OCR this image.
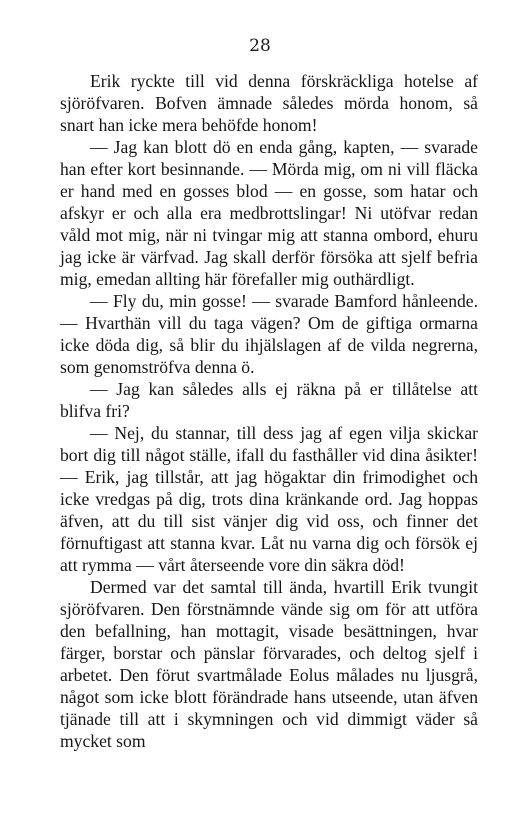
28

Erik ryckte till vid denna förskräckliga hotelse af sjöröfvaren. Bofven ämnade således mörda honom, så snart han icke mera behöfde honom!

— Jag kan blott dö en enda gång, kapten, — svarade han efter kort besinnande. — Mörda mig, om ni vill fläcka er hand med en gosses blod — en gosse, som hatar och afskyr er och alla era medbrottslingar! Ni utöfvar redan våld mot mig, när ni tvingar mig att stanna ombord, ehuru jag icke är värfvad. Jag skall derför försöka att sjelf befria mig, emedan allting här förefaller mig outhärdligt.

— Fly du, min gosse! — svarade Bamford hånleende. — Hvarthän vill du taga vägen? Om de giftiga ormarna icke döda dig, så blir du ihjälslagen af de vilda negrerna, som genomströfva denna ö.

— Jag kan således alls ej räkna på er tillåtelse att blifva fri?

— Nej, du stannar, till dess jag af egen vilja skickar bort dig till något ställe, ifall du fasthåller vid dina åsikter! — Erik, jag tillstår, att jag högaktar din frimodighet och icke vredgas på dig, trots dina kränkande ord. Jag hoppas äfven, att du till sist vänjer dig vid oss, och finner det förnuftigast att stanna kvar. Låt nu varna dig och försök ej att rymma — vårt återseende vore din säkra död!

Dermed var det samtal till ända, hvartill Erik tvungit sjöröfvaren. Den förstnämnde vände sig om för att utföra den befallning, han mottagit, visade besättningen, hvar färger, borstar och pänslar förvarades, och deltog sjelf i arbetet. Den förut svartmålade Eolus målades nu ljusgrå, något som icke blott förändrade hans utseende, utan äfven tjänade till att i skymningen och vid dimmigt väder så mycket som
